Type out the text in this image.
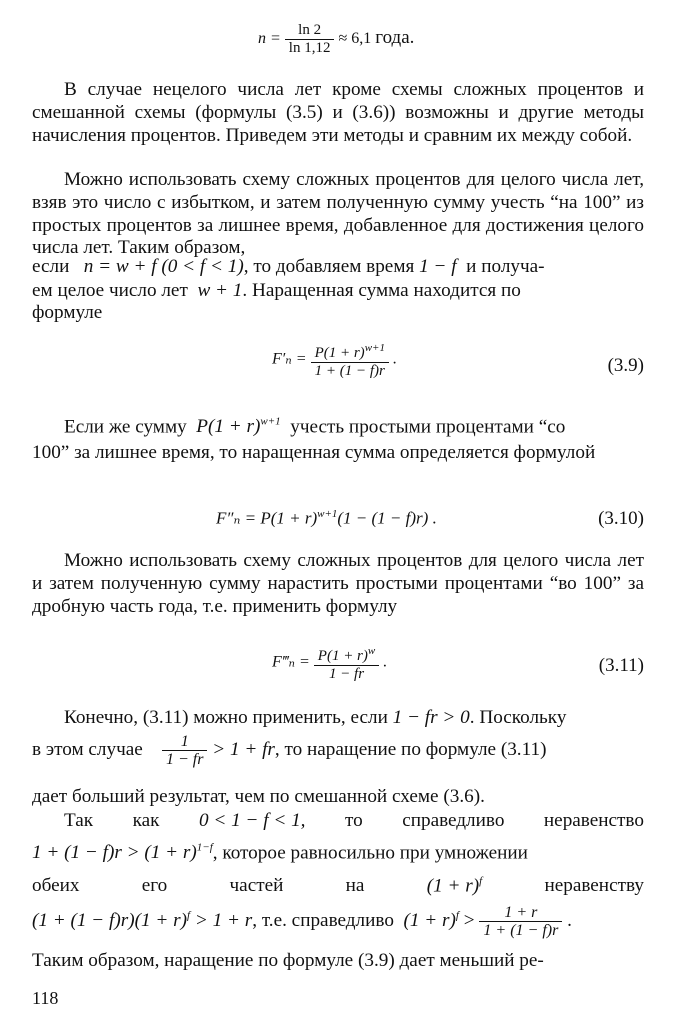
$n = \frac{\ln 2}{\ln 1,12} \approx 6,1$ года.

В случае нецелого числа лет кроме схемы сложных процентов и смешанной схемы (формулы (3.5) и (3.6)) возможны и другие методы начисления процентов. Приведем эти методы и сравним их между собой.

Можно использовать схему сложных процентов для целого числа лет, взяв это число с избытком, и затем полученную сумму учесть “на 100” из простых процентов за лишнее время, добавленное для достижения целого числа лет. Таким образом,

если n = w + f (0 < f < 1), то добавляем время 1 − f и получа-
ем целое число лет w + 1. Наращенная сумма находится по
формуле
$F'_n = \frac{P(1 + r)^{w+1}}{1 + (1 - f)r}$ .	(3.9)
Если же сумму $P(1 + r)^{w+1}$ учесть простыми процентами “со

100” за лишнее время, то наращенная сумма определяется формулой

$F''_n = P(1 + r)^{w+1}(1 - (1 - f)r)$ .	(3.10)

Можно использовать схему сложных процентов для целого числа лет и затем полученную сумму нарастить простыми процентами “во 100” за дробную часть года, т.е. применить формулу

F‴ₙ = $\frac{P(1 + r)^w}{1 - fr}$ .	(3.11)
Конечно, (3.11) можно применить, если 1 − fr > 0. Поскольку
в этом случае $\frac{1}{1 - fr} > 1$ + fr, то наращение по формуле (3.11)
дает больший результат, чем по смешанной схеме (3.6).
Так как 0 < 1 − f < 1, то справедливо неравенство
$1 + (1 - f)r > (1 + r)^{1-f}$, которое равносильно при умножении
обеих	его	частей	на	$(1 + r)^f$	неравенству
$(1 + (1 - f)r)(1 + r)^f > 1 + r$, т.е. справедливо $(1 + r)^f > \frac{1 + r}{1 + (1 - f)r}$ .
Таким образом, наращение по формуле (3.9) дает меньший ре-
118
